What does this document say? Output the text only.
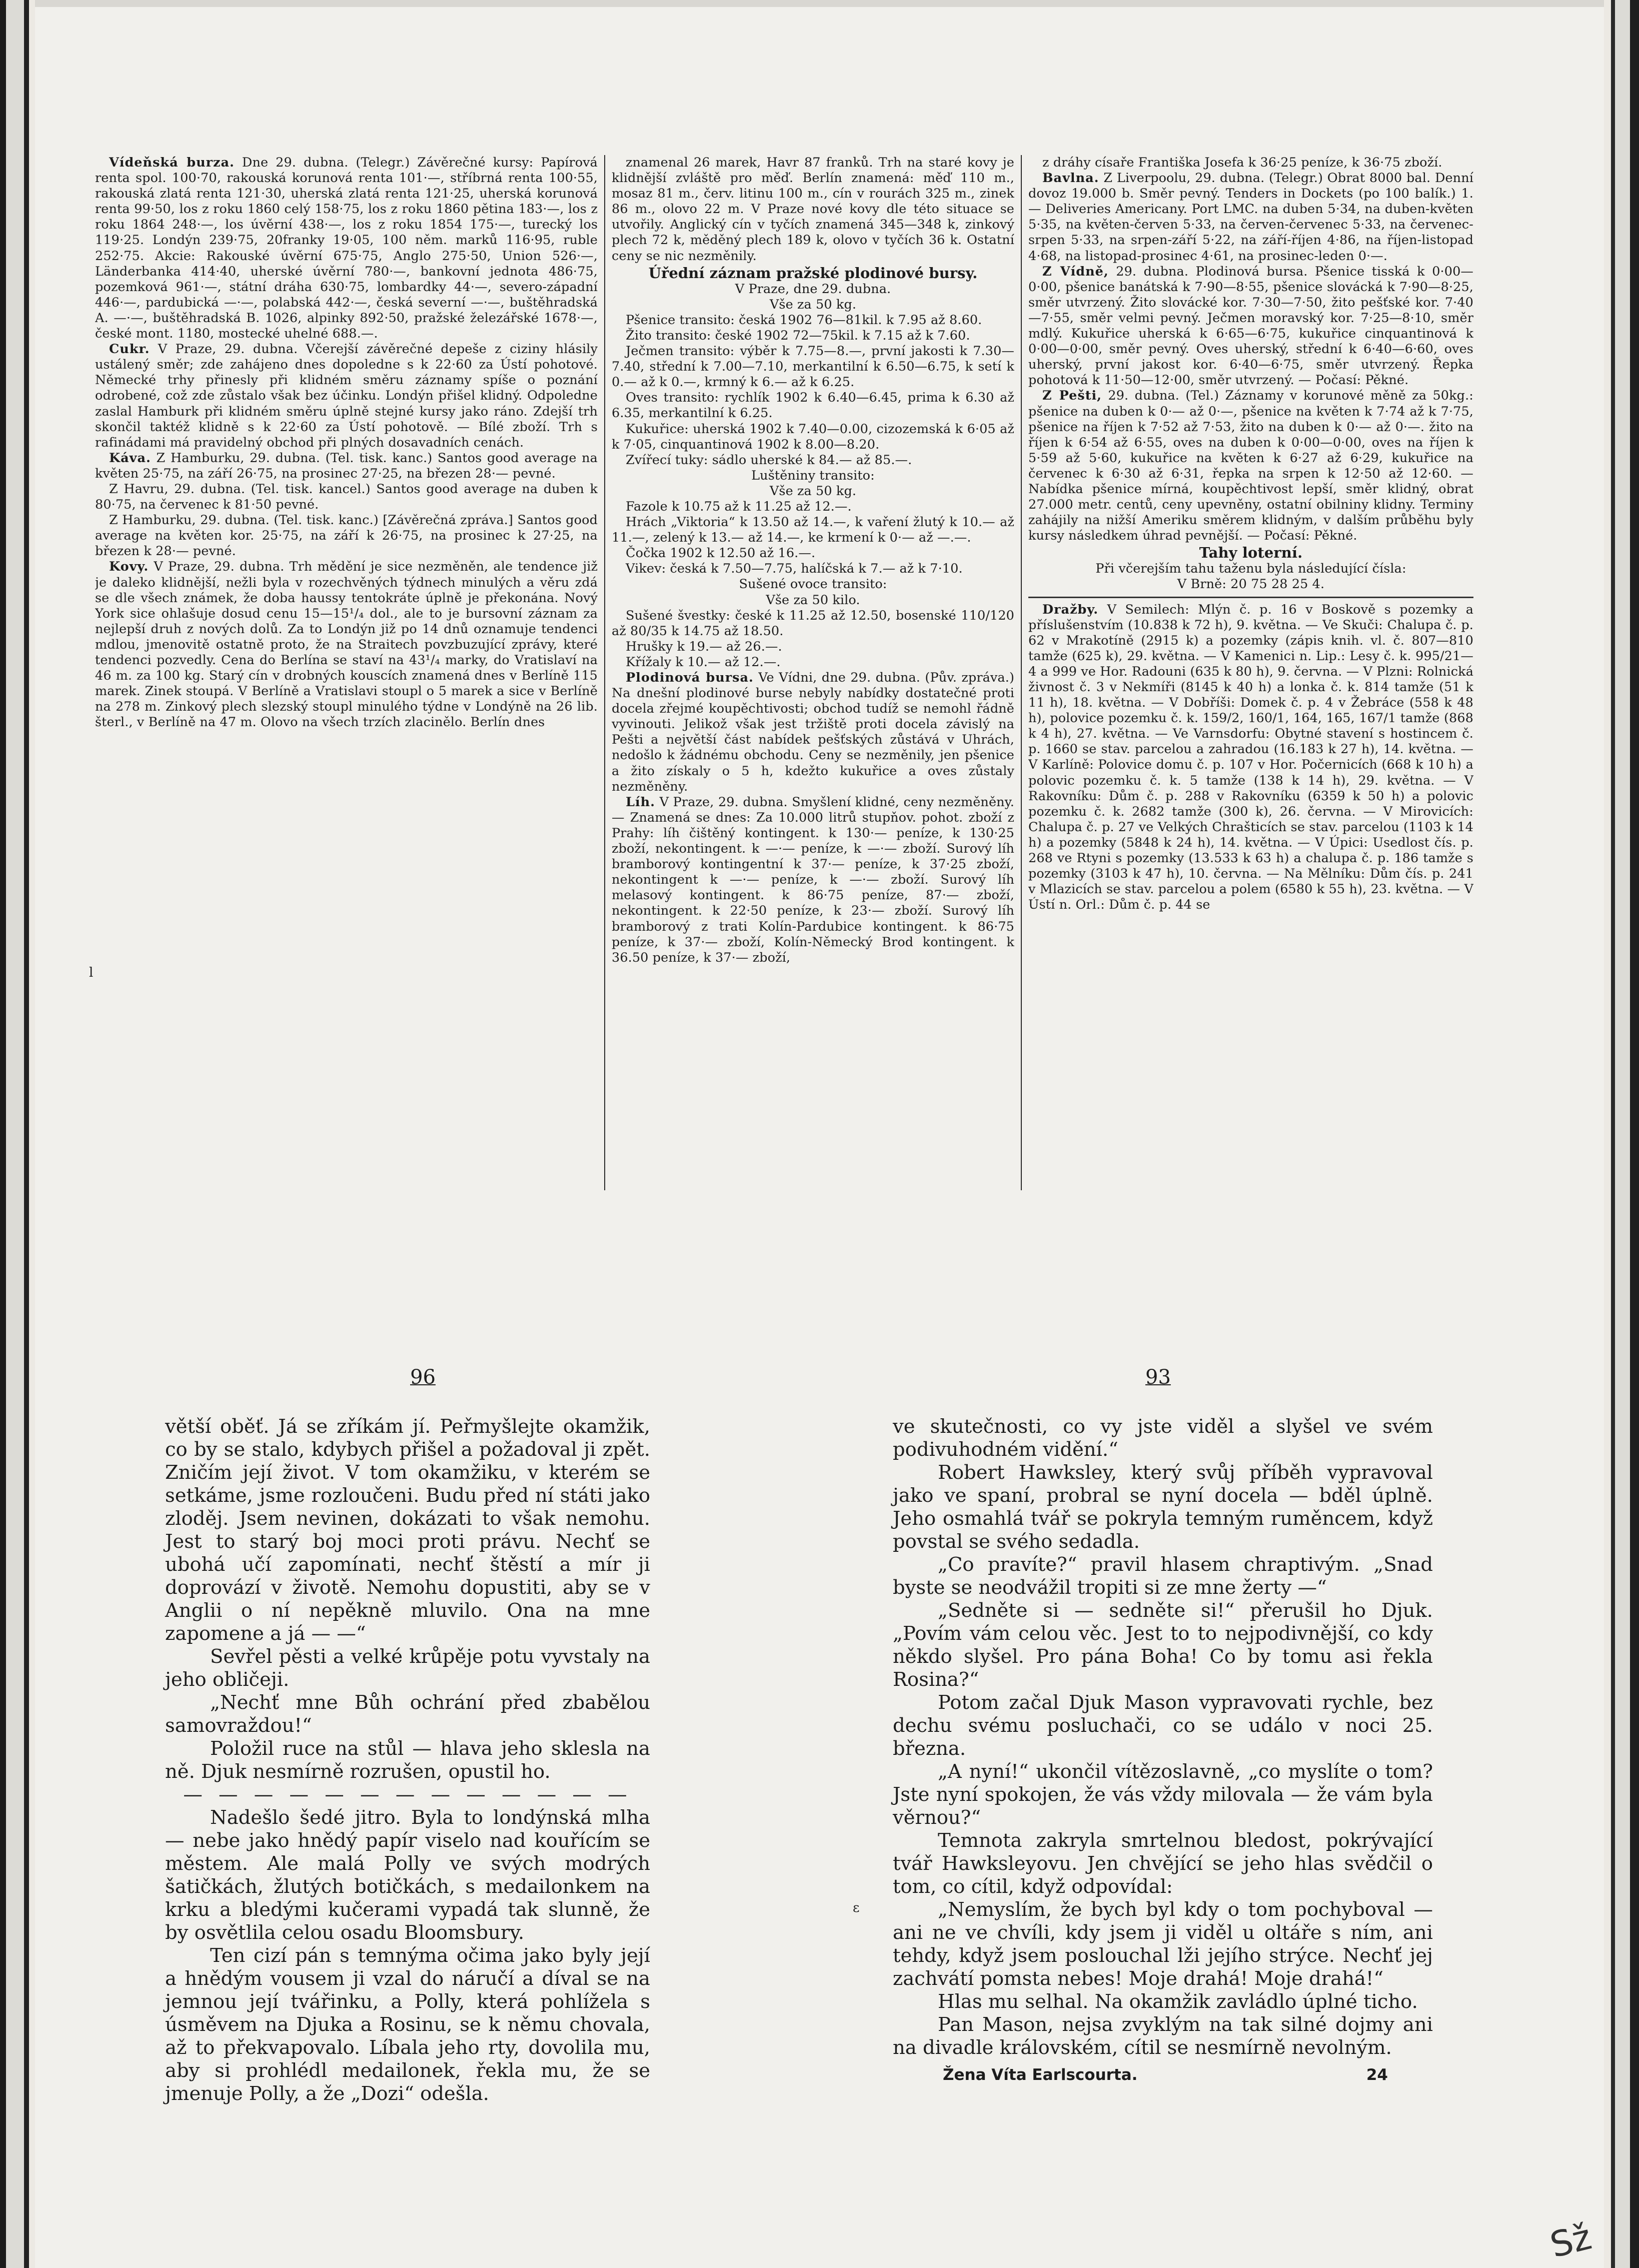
Vídeňská burza. Dne 29. dubna. (Telegr.) Závěrečné kursy: Papírová renta spol. 100·70, rakouská korunová renta 101·—, stříbrná renta 100·55, rakouská zlatá renta 121·30, uherská zlatá renta 121·25, uherská korunová renta 99·50, los z roku 1860 celý 158·75, los z roku 1860 pětina 183·—, los z roku 1864 248·—, los úvěrní 438·—, los z roku 1854 175·—, turecký los 119·25. Londýn 239·75, 20franky 19·05, 100 něm. marků 116·95, ruble 252·75. Akcie: Rakouské úvěrní 675·75, Anglo 275·50, Union 526·—, Länderbanka 414·40, uherské úvěrní 780·—, bankovní jednota 486·75, pozemková 961·—, státní dráha 630·75, lombardky 44·—, severo-západní 446·—, pardubická —·—, polabská 442·—, česká severní —·—, buštěhradská A. —·—, buštěhradská B. 1026, alpinky 892·50, pražské železářské 1678·—, české mont. 1180, mostecké uhelné 688.—.

Cukr. V Praze, 29. dubna. Včerejší závěrečné depeše z ciziny hlásily ustálený směr; zde zahájeno dnes dopoledne s k 22·60 za Ústí pohotové. Německé trhy přinesly při klidném směru záznamy spíše o poznání odrobené, což zde zůstalo však bez účinku. Londýn přišel klidný. Odpoledne zaslal Hamburk při klidném směru úplně stejné kursy jako ráno. Zdejší trh skončil taktéž klidně s k 22·60 za Ústí pohotově. — Bílé zboží. Trh s rafinádami má pravidelný obchod při plných dosavadních cenách.

Káva. Z Hamburku, 29. dubna. (Tel. tisk. kanc.) Santos good average na květen 25·75, na září 26·75, na prosinec 27·25, na březen 28·— pevné.

Z Havru, 29. dubna. (Tel. tisk. kancel.) Santos good average na duben k 80·75, na červenec k 81·50 pevné.

Z Hamburku, 29. dubna. (Tel. tisk. kanc.) [Závěrečná zpráva.] Santos good average na květen kor. 25·75, na září k 26·75, na prosinec k 27·25, na březen k 28·— pevné.

Kovy. V Praze, 29. dubna. Trh mědění je sice nezměněn, ale tendence již je daleko klidnější, nežli byla v rozechvěných týdnech minulých a věru zdá se dle všech známek, že doba haussy tentokráte úplně je překonána. Nový York sice ohlašuje dosud cenu 15—15¹/₄ dol., ale to je bursovní záznam za nejlepší druh z nových dolů. Za to Londýn již po 14 dnů oznamuje tendenci mdlou, jmenovitě ostatně proto, že na Straitech povzbuzující zprávy, které tendenci pozvedly. Cena do Berlína se staví na 43¹/₄ marky, do Vratislaví na 46 m. za 100 kg. Starý cín v drobných kouscích znamená dnes v Berlíně 115 marek. Zinek stoupá. V Berlíně a Vratislavi stoupl o 5 marek a sice v Berlíně na 278 m. Zinkový plech slezský stoupl minulého týdne v Londýně na 26 lib. šterl., v Berlíně na 47 m. Olovo na všech trzích zlacinělo. Berlín dnes

znamenal 26 marek, Havr 87 franků. Trh na staré kovy je klidnější zvláště pro měď. Berlín znamená: měď 110 m., mosaz 81 m., červ. litinu 100 m., cín v rourách 325 m., zinek 86 m., olovo 22 m. V Praze nové kovy dle této situace se utvořily. Anglický cín v tyčích znamená 345—348 k, zinkový plech 72 k, měděný plech 189 k, olovo v tyčích 36 k. Ostatní ceny se nic nezměnily.

Úřední záznam pražské plodinové bursy.

V Praze, dne 29. dubna.

Vše za 50 kg.

Pšenice transito: česká 1902 76—81kil. k 7.95 až 8.60.

Žito transito: české 1902 72—75kil. k 7.15 až k 7.60.

Ječmen transito: výběr k 7.75—8.—, první jakosti k 7.30—7.40, střední k 7.00—7.10, merkantilní k 6.50—6.75, k setí k 0.— až k 0.—, krmný k 6.— až k 6.25.

Oves transito: rychlík 1902 k 6.40—6.45, prima k 6.30 až 6.35, merkantilní k 6.25.

Kukuřice: uherská 1902 k 7.40—0.00, cizozemská k 6·05 až k 7·05, cinquantinová 1902 k 8.00—8.20.

Zvířecí tuky: sádlo uherské k 84.— až 85.—.

Luštěniny transito:

Vše za 50 kg.

Fazole k 10.75 až k 11.25 až 12.—.

Hrách „Viktoria“ k 13.50 až 14.—, k vaření žlutý k 10.— až 11.—, zelený k 13.— až 14.—, ke krmení k 0·— až —.—.

Čočka 1902 k 12.50 až 16.—.

Vikev: česká k 7.50—7.75, halíčská k 7.— až k 7·10.

Sušené ovoce transito:

Vše za 50 kilo.

Sušené švestky: české k 11.25 až 12.50, bosenské 110/120 až 80/35 k 14.75 až 18.50.

Hrušky k 19.— až 26.—.

Křížaly k 10.— až 12.—.

Plodinová bursa. Ve Vídni, dne 29. dubna. (Pův. zpráva.) Na dnešní plodinové burse nebyly nabídky dostatečné proti docela zřejmé koupěchtivosti; obchod tudíž se nemohl řádně vyvinouti. Jelikož však jest tržiště proti docela závislý na Pešti a největší část nabídek pešťských zůstává v Uhrách, nedošlo k žádnému obchodu. Ceny se nezměnily, jen pšenice a žito získaly o 5 h, kdežto kukuřice a oves zůstaly nezměněny.

Líh. V Praze, 29. dubna. Smyšlení klidné, ceny nezměněny. — Znamená se dnes: Za 10.000 litrů stupňov. pohot. zboží z Prahy: líh čištěný kontingent. k 130·— peníze, k 130·25 zboží, nekontingent. k —·— peníze, k —·— zboží. Surový líh bramborový kontingentní k 37·— peníze, k 37·25 zboží, nekontingent k —·— peníze, k —·— zboží. Surový líh melasový kontingent. k 86·75 peníze, 87·— zboží, nekontingent. k 22·50 peníze, k 23·— zboží. Surový líh bramborový z trati Kolín-Pardubice kontingent. k 86·75 peníze, k 37·— zboží, Kolín-Německý Brod kontingent. k 36.50 peníze, k 37·— zboží,

z dráhy císaře Františka Josefa k 36·25 peníze, k 36·75 zboží.

Bavlna. Z Liverpoolu, 29. dubna. (Telegr.) Obrat 8000 bal. Denní dovoz 19.000 b. Směr pevný. Tenders in Dockets (po 100 balík.) 1. — Deliveries Americany. Port LMC. na duben 5·34, na duben-květen 5·35, na květen-červen 5·33, na červen-červenec 5·33, na červenec-srpen 5·33, na srpen-září 5·22, na září-říjen 4·86, na říjen-listopad 4·68, na listopad-prosinec 4·61, na prosinec-leden 0·—.

Z Vídně, 29. dubna. Plodinová bursa. Pšenice tisská k 0·00—0·00, pšenice banátská k 7·90—8·55, pšenice slovácká k 7·90—8·25, směr utvrzený. Žito slovácké kor. 7·30—7·50, žito pešťské kor. 7·40—7·55, směr velmi pevný. Ječmen moravský kor. 7·25—8·10, směr mdlý. Kukuřice uherská k 6·65—6·75, kukuřice cinquantinová k 0·00—0·00, směr pevný. Oves uherský, střední k 6·40—6·60, oves uherský, první jakost kor. 6·40—6·75, směr utvrzený. Řepka pohotová k 11·50—12·00, směr utvrzený. — Počasí: Pěkné.

Z Pešti, 29. dubna. (Tel.) Záznamy v korunové měně za 50kg.: pšenice na duben k 0·— až 0·—, pšenice na květen k 7·74 až k 7·75, pšenice na říjen k 7·52 až 7·53, žito na duben k 0·— až 0·—. žito na říjen k 6·54 až 6·55, oves na duben k 0·00—0·00, oves na říjen k 5·59 až 5·60, kukuřice na květen k 6·27 až 6·29, kukuřice na červenec k 6·30 až 6·31, řepka na srpen k 12·50 až 12·60. — Nabídka pšenice mírná, koupěchtivost lepší, směr klidný, obrat 27.000 metr. centů, ceny upevněny, ostatní obilniny klidny. Terminy zahájily na nižší Ameriku směrem klidným, v dalším průběhu byly kursy následkem úhrad pevnější. — Počasí: Pěkné.

Tahy loterní.

Při včerejším tahu taženu byla následující čísla:

V Brně: 20 75 28 25 4.

Dražby. V Semilech: Mlýn č. p. 16 v Boskově s pozemky a příslušenstvím (10.838 k 72 h), 9. května. — Ve Skuči: Chalupa č. p. 62 v Mrakotíně (2915 k) a pozemky (zápis knih. vl. č. 807—810 tamže (625 k), 29. května. — V Kamenici n. Lip.: Lesy č. k. 995/21—4 a 999 ve Hor. Radouni (635 k 80 h), 9. června. — V Plzni: Rolnická živnost č. 3 v Nekmíři (8145 k 40 h) a lonka č. k. 814 tamže (51 k 11 h), 18. května. — V Dobříši: Domek č. p. 4 v Žebráce (558 k 48 h), polovice pozemku č. k. 159/2, 160/1, 164, 165, 167/1 tamže (868 k 4 h), 27. května. — Ve Varnsdorfu: Obytné stavení s hostincem č. p. 1660 se stav. parcelou a zahradou (16.183 k 27 h), 14. května. — V Karlíně: Polovice domu č. p. 107 v Hor. Počernicích (668 k 10 h) a polovic pozemku č. k. 5 tamže (138 k 14 h), 29. května. — V Rakovníku: Dům č. p. 288 v Rakovníku (6359 k 50 h) a polovic pozemku č. k. 2682 tamže (300 k), 26. června. — V Mirovicích: Chalupa č. p. 27 ve Velkých Chrašticích se stav. parcelou (1103 k 14 h) a pozemky (5848 k 24 h), 14. května. — V Úpici: Usedlost čís. p. 268 ve Rtyni s pozemky (13.533 k 63 h) a chalupa č. p. 186 tamže s pozemky (3103 k 47 h), 10. června. — Na Mělníku: Dům čís. p. 241 v Mlazicích se stav. parcelou a polem (6580 k 55 h), 23. května. — V Ústí n. Orl.: Dům č. p. 44 se

96	93

větší oběť. Já se zříkám jí. Peřmyšlejte okamžik, co by se stalo, kdybych přišel a požadoval ji zpět. Zničím její život. V tom okamžiku, v kterém se setkáme, jsme rozloučeni. Budu před ní státi jako zloděj. Jsem nevinen, dokázati to však nemohu. Jest to starý boj moci proti právu. Nechť se ubohá učí zapomínati, nechť štěstí a mír ji doprovází v životě. Nemohu dopustiti, aby se v Anglii o ní nepěkně mluvilo. Ona na mne zapomene a já — —“

Sevřel pěsti a velké krůpěje potu vyvstaly na jeho obličeji.

„Nechť mne Bůh ochrání před zbabělou samovraždou!“

Položil ruce na stůl — hlava jeho sklesla na ně. Djuk nesmírně rozrušen, opustil ho.

— — — — — — — — — — — — —

Nadešlo šedé jitro. Byla to londýnská mlha — nebe jako hnědý papír viselo nad kouřícím se městem. Ale malá Polly ve svých modrých šatičkách, žlutých botičkách, s medailonkem na krku a bledými kučerami vypadá tak slunně, že by osvětlila celou osadu Bloomsbury.

Ten cizí pán s temnýma očima jako byly její a hnědým vousem ji vzal do náručí a díval se na jemnou její tvářinku, a Polly, která pohlížela s úsměvem na Djuka a Rosinu, se k němu chovala, až to překvapovalo. Líbala jeho rty, dovolila mu, aby si prohlédl medailonek, řekla mu, že se jmenuje Polly, a že „Dozi“ odešla.

ve skutečnosti, co vy jste viděl a slyšel ve svém podivuhodném vidění.“

Robert Hawksley, který svůj příběh vypravoval jako ve spaní, probral se nyní docela — bděl úplně. Jeho osmahlá tvář se pokryla temným ruměncem, když povstal se svého sedadla.

„Co pravíte?“ pravil hlasem chraptivým. „Snad byste se neodvážil tropiti si ze mne žerty —“

„Sedněte si — sedněte si!“ přerušil ho Djuk. „Povím vám celou věc. Jest to to nejpodivnější, co kdy někdo slyšel. Pro pána Boha! Co by tomu asi řekla Rosina?“

Potom začal Djuk Mason vypravovati rychle, bez dechu svému posluchači, co se událo v noci 25. března.

„A nyní!“ ukončil vítězoslavně, „co myslíte o tom? Jste nyní spokojen, že vás vždy milovala — že vám byla věrnou?“

Temnota zakryla smrtelnou bledost, pokrývající tvář Hawksleyovu. Jen chvějící se jeho hlas svědčil o tom, co cítil, když odpovídal:

„Nemyslím, že bych byl kdy o tom pochyboval — ani ne ve chvíli, kdy jsem ji viděl u oltáře s ním, ani tehdy, když jsem poslouchal lži jejího strýce. Nechť jej zachvátí pomsta nebes! Moje drahá! Moje drahá!“

Hlas mu selhal. Na okamžik zavládlo úplné ticho.

Pan Mason, nejsa zvyklým na tak silné dojmy ani na divadle královském, cítil se nesmírně nevolným.

Žena Víta Earlscourta.	24
l
ε
Sž
